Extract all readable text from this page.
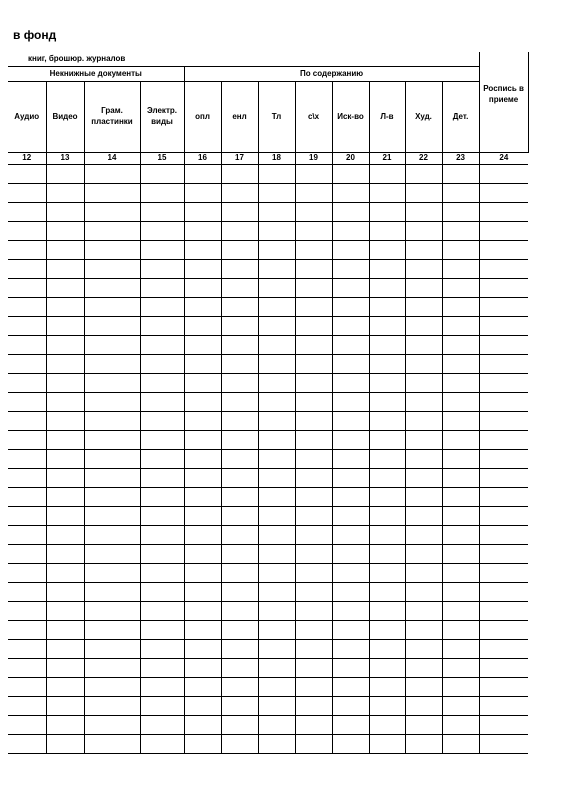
в фонд
книг, брошюр. журналов												Роспись в приеме
Некнижные документы				По содержанию								
Аудио	Видео	Грам. пластинки	Электр. виды	опл	енл	Тл	с\х	Иск-во	Л-в	Худ.	Дет.	
12	13	14	15	16	17	18	19	20	21	22	23	24
